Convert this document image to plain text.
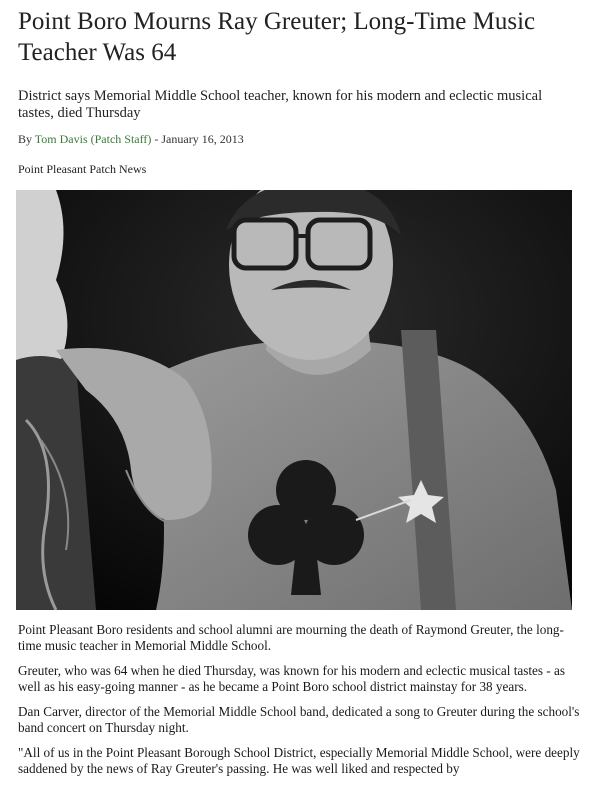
Point Boro Mourns Ray Greuter; Long-Time Music Teacher Was 64
District says Memorial Middle School teacher, known for his modern and eclectic musical tastes, died Thursday
By Tom Davis (Patch Staff) - January 16, 2013
Point Pleasant Patch News

Point Pleasant Boro residents and school alumni are mourning the death of Raymond Greuter, the long-time music teacher in Memorial Middle School.

Greuter, who was 64 when he died Thursday, was known for his modern and eclectic musical tastes - as well as his easy-going manner - as he became a Point Boro school district mainstay for 38 years.

Dan Carver, director of the Memorial Middle School band, dedicated a song to Greuter during the school's band concert on Thursday night.

"All of us in the Point Pleasant Borough School District, especially Memorial Middle School, were deeply saddened by the news of Ray Greuter's passing. He was well liked and respected by
